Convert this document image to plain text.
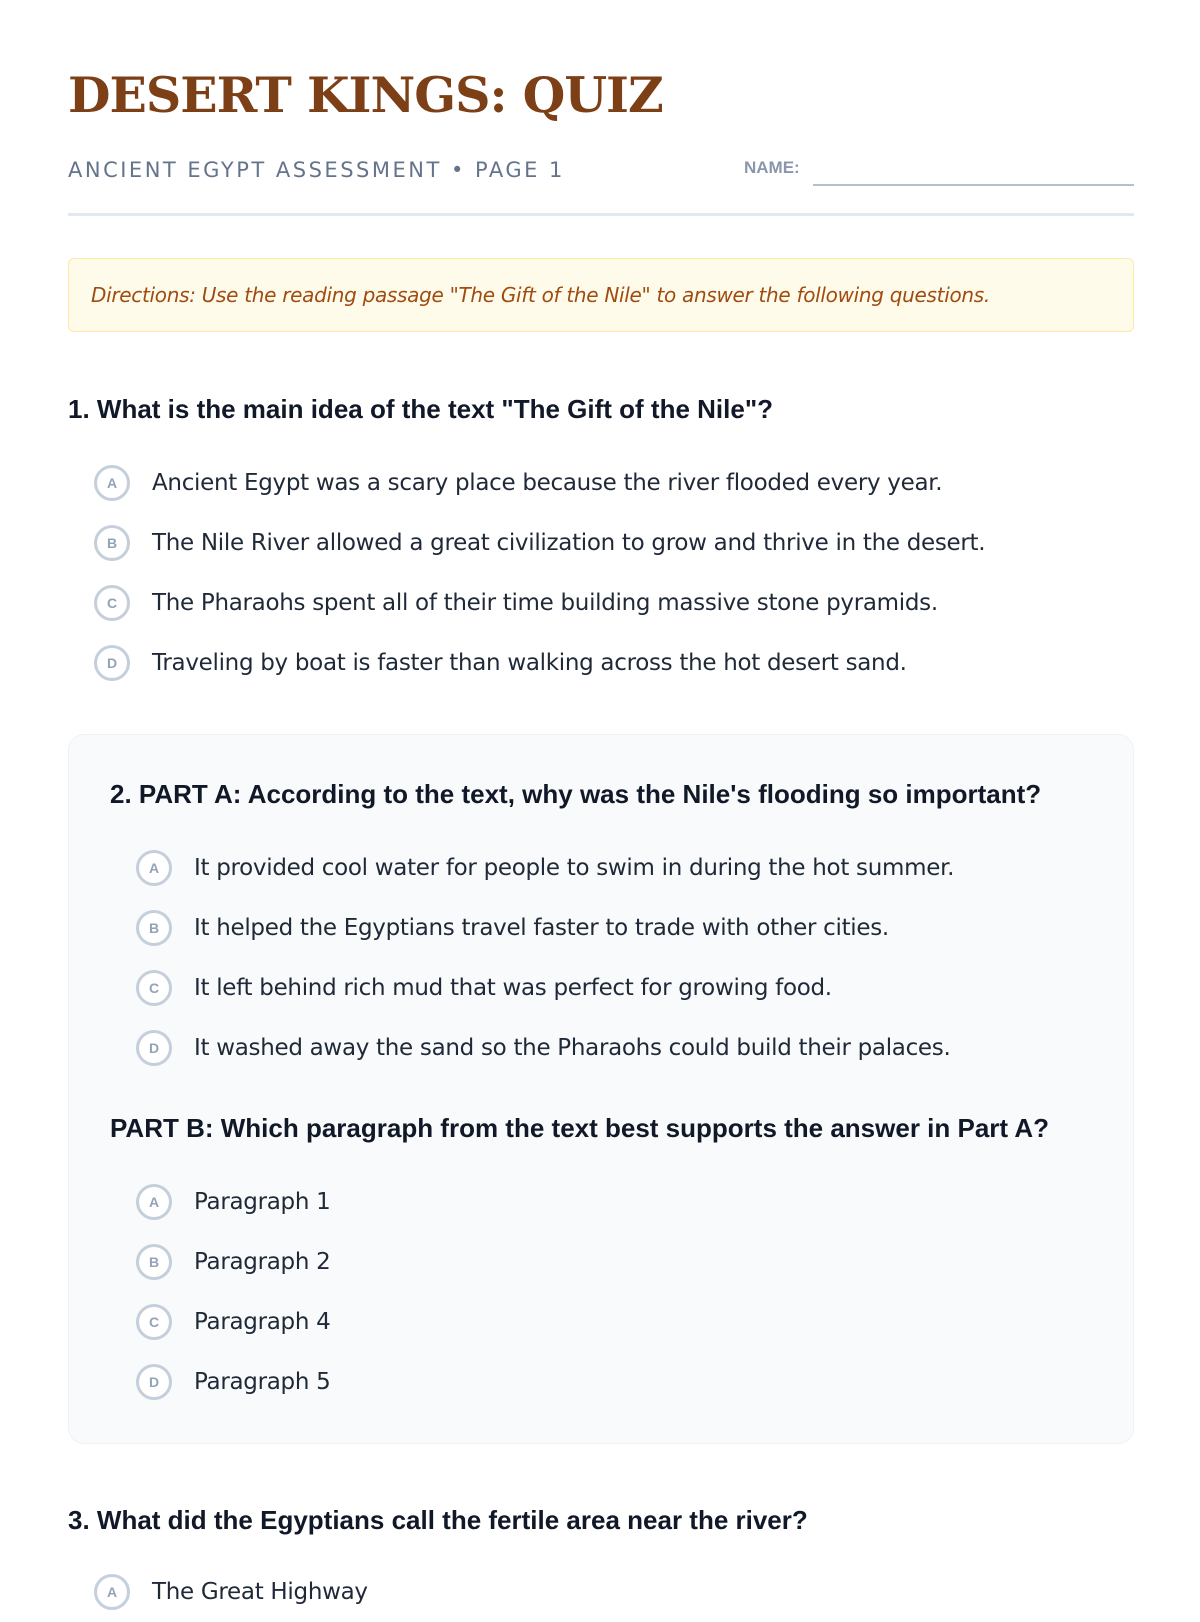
DESERT KINGS: QUIZ
ANCIENT EGYPT ASSESSMENT • PAGE 1	NAME:
Directions: Use the reading passage "The Gift of the Nile" to answer the following questions.
1. What is the main idea of the text "The Gift of the Nile"?
A	Ancient Egypt was a scary place because the river flooded every year.
B	The Nile River allowed a great civilization to grow and thrive in the desert.
C	The Pharaohs spent all of their time building massive stone pyramids.
D	Traveling by boat is faster than walking across the hot desert sand.
2. PART A: According to the text, why was the Nile's flooding so important?
A	It provided cool water for people to swim in during the hot summer.
B	It helped the Egyptians travel faster to trade with other cities.
C	It left behind rich mud that was perfect for growing food.
D	It washed away the sand so the Pharaohs could build their palaces.
PART B: Which paragraph from the text best supports the answer in Part A?
A	Paragraph 1
B	Paragraph 2
C	Paragraph 4
D	Paragraph 5
3. What did the Egyptians call the fertile area near the river?
A	The Great Highway
